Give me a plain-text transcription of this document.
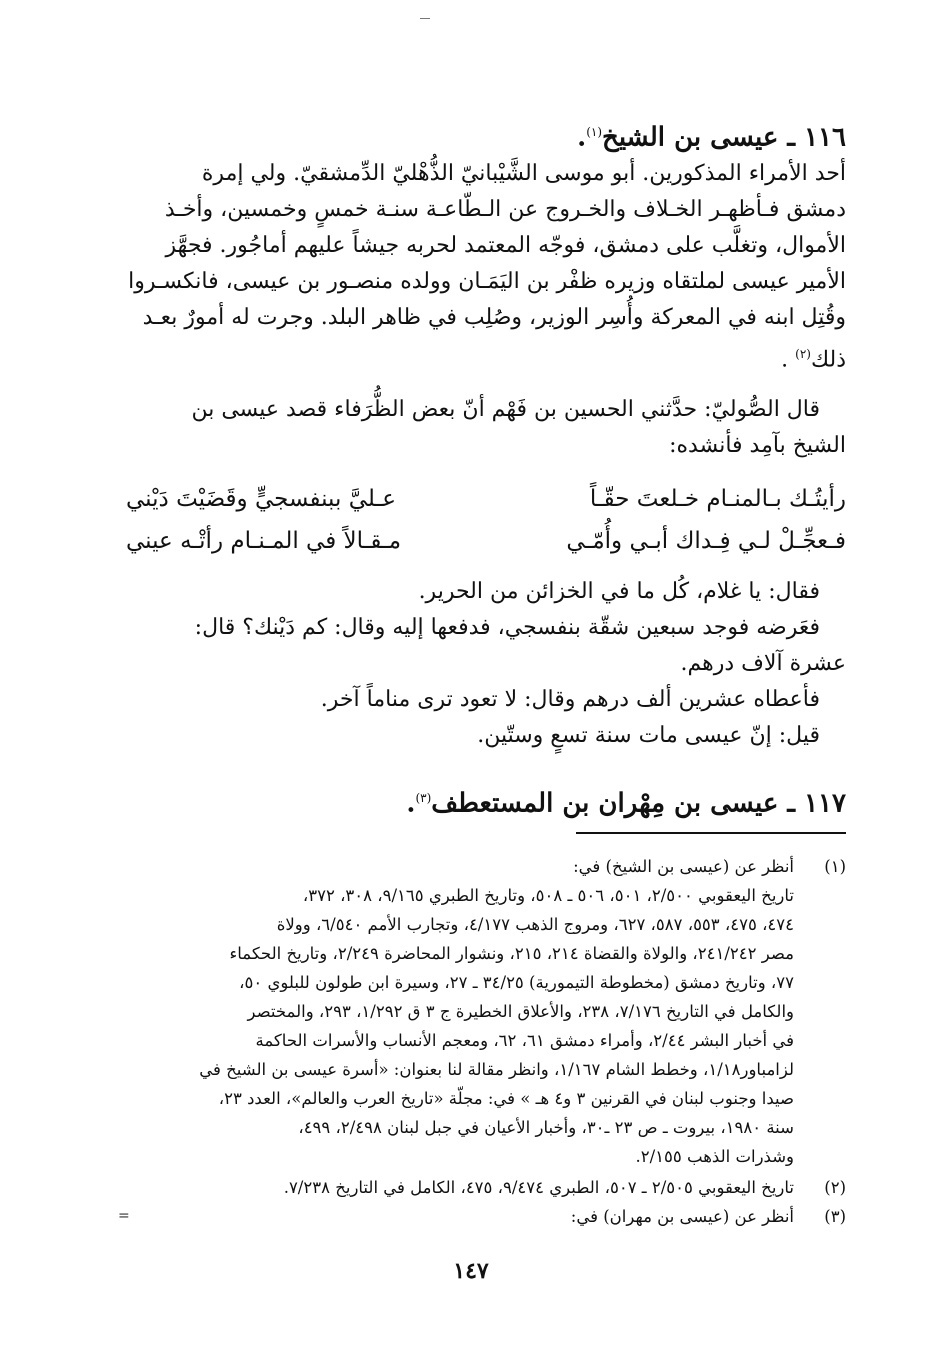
١١٦ ـ عيسى بن الشيخ$^{(١)}$.
أحد الأمراء المذكورين. أبو موسى الشَّيْبانيّ الذُّهْليّ الدِّمشقيّ. ولي إمرة
دمشق فـأظهـر الخـلاف والخـروج عن الـطّاعـة سنـة خمسٍ وخمسين، وأخـذ
الأموال، وتغلَّب على دمشق، فوجّه المعتمد لحربه جيشاً عليهم أماجُور. فجهَّز
الأمير عيسى لملتقاه وزيره ظفْر بن اليَمَـان وولده منصـور بن عيسى، فانكسـروا
وقُتِل ابنه في المعركة وأُسِر الوزير، وصُلِب في ظاهر البلد. وجرت له أمورٌ بعـد
ذلك$^{(٢)}$ .
قال الصُّوليّ: حدَّثني الحسين بن فَهْم أنّ بعض الظُّرَفاء قصد عيسى بن
الشيخ بآمِد فأنشده:
رأيتُـك بـالمنـام خـلعتَ حقّـاً
عـليَّ ببنفسجيٍّ وقَضَيْتَ دَيْني
فـعجِّـلْ لـي فِـداك أبـي وأُمّـي
مـقـالاً في المـنـام رأتْـه عيني
فقال: يا غلام، كُل ما في الخزائن من الحرير.
فعَرضه فوجد سبعين شقّة بنفسجي، فدفعها إليه وقال: كم دَيْنك؟ قال:
عشرة آلاف درهم.
فأعطاه عشرين ألف درهم وقال: لا تعود ترى مناماً آخر.
قيل: إنّ عيسى مات سنة تسعٍ وستّين.
١١٧ ـ عيسى بن مِهْران بن المستعطف$^{(٣)}$.
(١)
أنظر عن (عيسى بن الشيخ) في:
تاريخ اليعقوبي ٢/٥٠٠، ٥٠١، ٥٠٦ ـ ٥٠٨، وتاريخ الطبري ٩/١٦٥، ٣٠٨، ٣٧٢،
٤٧٤، ٤٧٥، ٥٥٣، ٥٨٧، ٦٢٧، ومروج الذهب ٤/١٧٧، وتجارب الأمم ٦/٥٤٠، وولاة
مصر ٢٤١/٢٤٢، والولاة والقضاة ٢١٤، ٢١٥، ونشوار المحاضرة ٢/٢٤٩، وتاريخ الحكماء
٧٧، وتاريخ دمشق (مخطوطة التيمورية) ٣٤/٢٥ ـ ٢٧، وسيرة ابن طولون للبلوي ٥٠،
والكامل في التاريخ ٧/١٧٦، ٢٣٨، والأعلاق الخطيرة ج ٣ ق ١/٢٩٢، ٢٩٣، والمختصر
في أخبار البشر ٢/٤٤، وأمراء دمشق ٦١، ٦٢، ومعجم الأنساب والأسرات الحاكمة
لزامباور١/١٨، وخطط الشام ١/١٦٧، وانظر مقالة لنا بعنوان: «أسرة عيسى بن الشيخ في
صيدا وجنوب لبنان في القرنين ٣ و٤ هـ » في: مجلّة «تاريخ العرب والعالم»، العدد ٢٣،
سنة ١٩٨٠، بيروت ـ ص ٢٣ ـ٣٠، وأخبار الأعيان في جبل لبنان ٢/٤٩٨، ٤٩٩،
وشذرات الذهب ٢/١٥٥.
(٢)
تاريخ اليعقوبي ٢/٥٠٥ ـ ٥٠٧، الطبري ٩/٤٧٤، ٤٧٥، الكامل في التاريخ ٧/٢٣٨.
(٣)
أنظر عن (عيسى بن مهران) في:
=
١٤٧
